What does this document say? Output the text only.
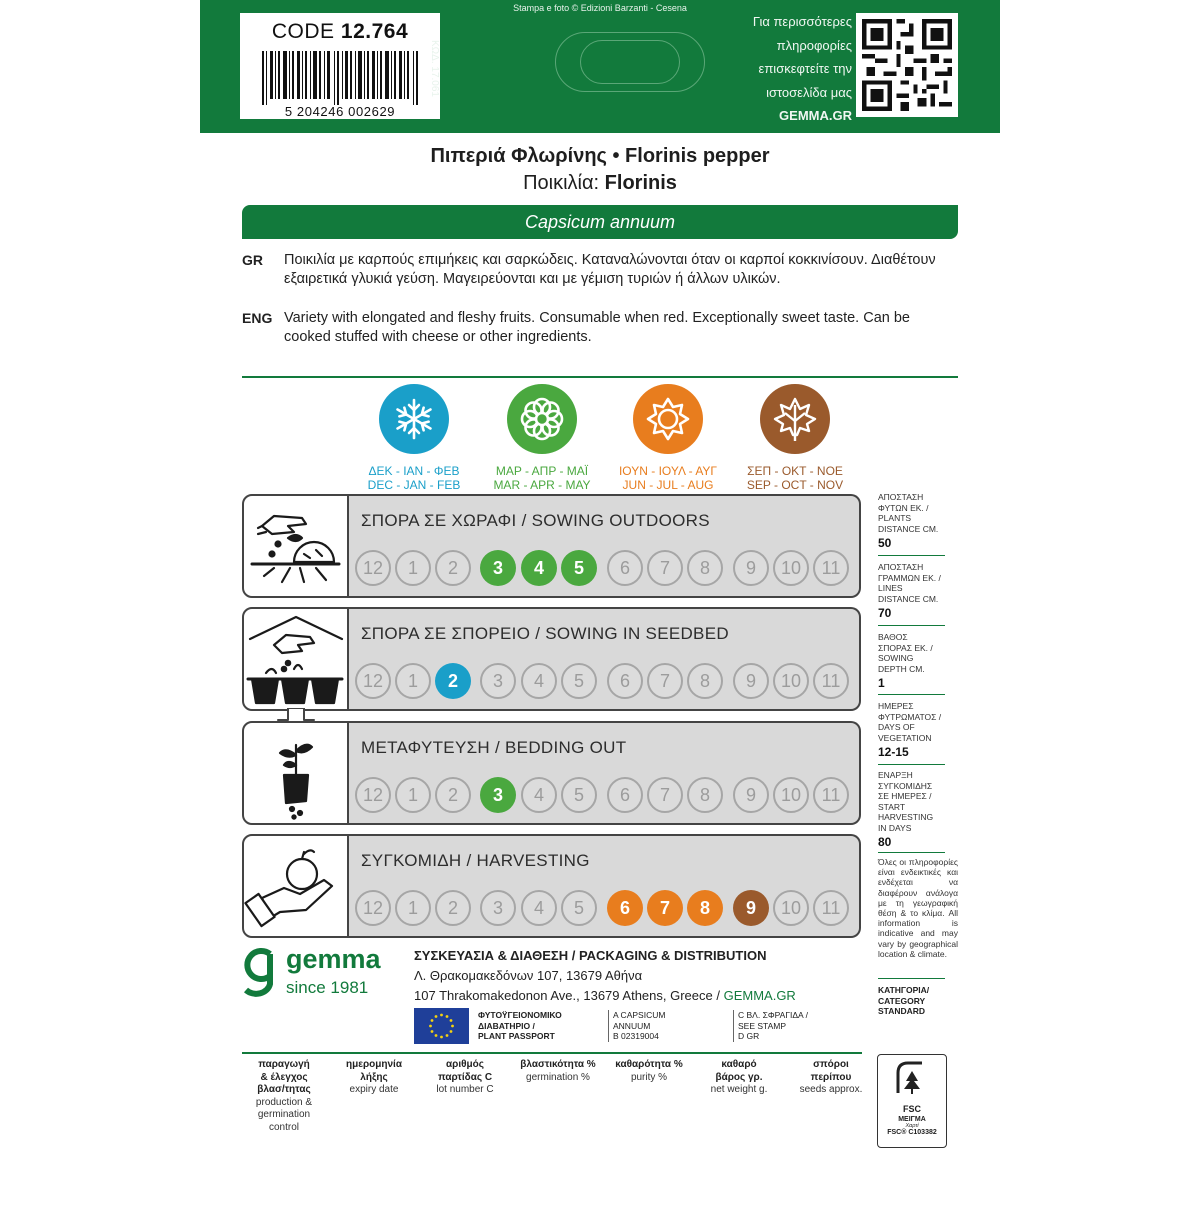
CODE 12.764
5 204246 002629
ΚΩΔ. 17.061
Stampa e foto © Edizioni Barzanti - Cesena
Για περισσότερες
πληροφορίες
επισκεφτείτε την
ιστοσελίδα μας
GEMMA.GR
Πιπεριά Φλωρίνης • Florinis pepper
Ποικιλία: Florinis
Capsicum annuum
GR Ποικιλία με καρπούς επιμήκεις και σαρκώδεις. Καταναλώνονται όταν οι καρποί κοκκινίσουν. Διαθέτουν εξαιρετικά γλυκιά γεύση. Μαγειρεύονται και με γέμιση τυριών ή άλλων υλικών.
ENG Variety with elongated and fleshy fruits. Consumable when red. Exceptionally sweet taste. Can be cooked stuffed with cheese or other ingredients.
ΔΕΚ - ΙΑΝ - ΦΕΒ
DEC - JAN - FEB
ΜΑΡ - ΑΠΡ - ΜΑΪ
MAR - APR - MAY
ΙΟΥΝ - ΙΟΥΛ - ΑΥΓ
JUN - JUL - AUG
ΣΕΠ - ΟΚΤ - ΝΟΕ
SEP - OCT - NOV
ΣΠΟΡΑ ΣΕ ΧΩΡΑΦΙ / SOWING OUTDOORS
12	1	2	3	4	5	6	7	8	9	10	11
ΣΠΟΡΑ ΣΕ ΣΠΟΡΕΙΟ / SOWING IN SEEDBED
12	1	2	3	4	5	6	7	8	9	10	11
ΜΕΤΑΦΥΤΕΥΣΗ / BEDDING OUT
12	1	2	3	4	5	6	7	8	9	10	11
ΣΥΓΚΟΜΙΔΗ / HARVESTING
12	1	2	3	4	5	6	7	8	9	10	11
ΑΠΟΣΤΑΣΗ
ΦΥΤΩΝ ΕΚ. /
PLANTS
DISTANCE CM.
50
ΑΠΟΣΤΑΣΗ
ΓΡΑΜΜΩΝ ΕΚ. /
LINES
DISTANCE CM.
70
ΒΑΘΟΣ
ΣΠΟΡΑΣ ΕΚ. /
SOWING
DEPTH CM.
1
ΗΜΕΡΕΣ
ΦΥΤΡΩΜΑΤΟΣ /
DAYS OF
VEGETATION
12-15
ΕΝΑΡΞΗ
ΣΥΓΚΟΜΙΔΗΣ
ΣΕ ΗΜΕΡΕΣ /
START
HARVESTING
IN DAYS
80
Όλες οι πληροφορίες είναι ενδεικτικές και ενδέχεται να διαφέρουν ανάλογα με τη γεωγραφική θέση & το κλίμα. All information is indicative and may vary by geographical location & climate.
ΚΑΤΗΓΟΡΙΑ/
CATEGORY
STANDARD
gemma
since 1981
ΣΥΣΚΕΥΑΣΙΑ & ΔΙΑΘΕΣΗ / PACKAGING & DISTRIBUTION
Λ. Θρακομακεδόνων 107, 13679 Αθήνα
107 Thrakomakedonon Ave., 13679 Athens, Greece / GEMMA.GR
ΦΥΤΟΫΓΕΙΟΝΟΜΙΚΟ
ΔΙΑΒΑΤΗΡΙΟ /
PLANT PASSPORT
A CAPSICUM
ANNUUM
B 02319004
C ΒΛ. ΣΦΡΑΓΙΔΑ /
SEE STAMP
D GR
παραγωγή
& έλεγχος
βλασ/τητας
production &
germination
control
ημερομηνία
λήξης
expiry date
αριθμός
παρτίδας C
lot number C
βλαστικότητα %
germination %
καθαρότητα %
purity %
καθαρό
βάρος γρ.
net weight g.
σπόροι
περίπου
seeds approx.
FSC
ΜΕΙΓΜΑ
Χαρτί
FSC® C103382
